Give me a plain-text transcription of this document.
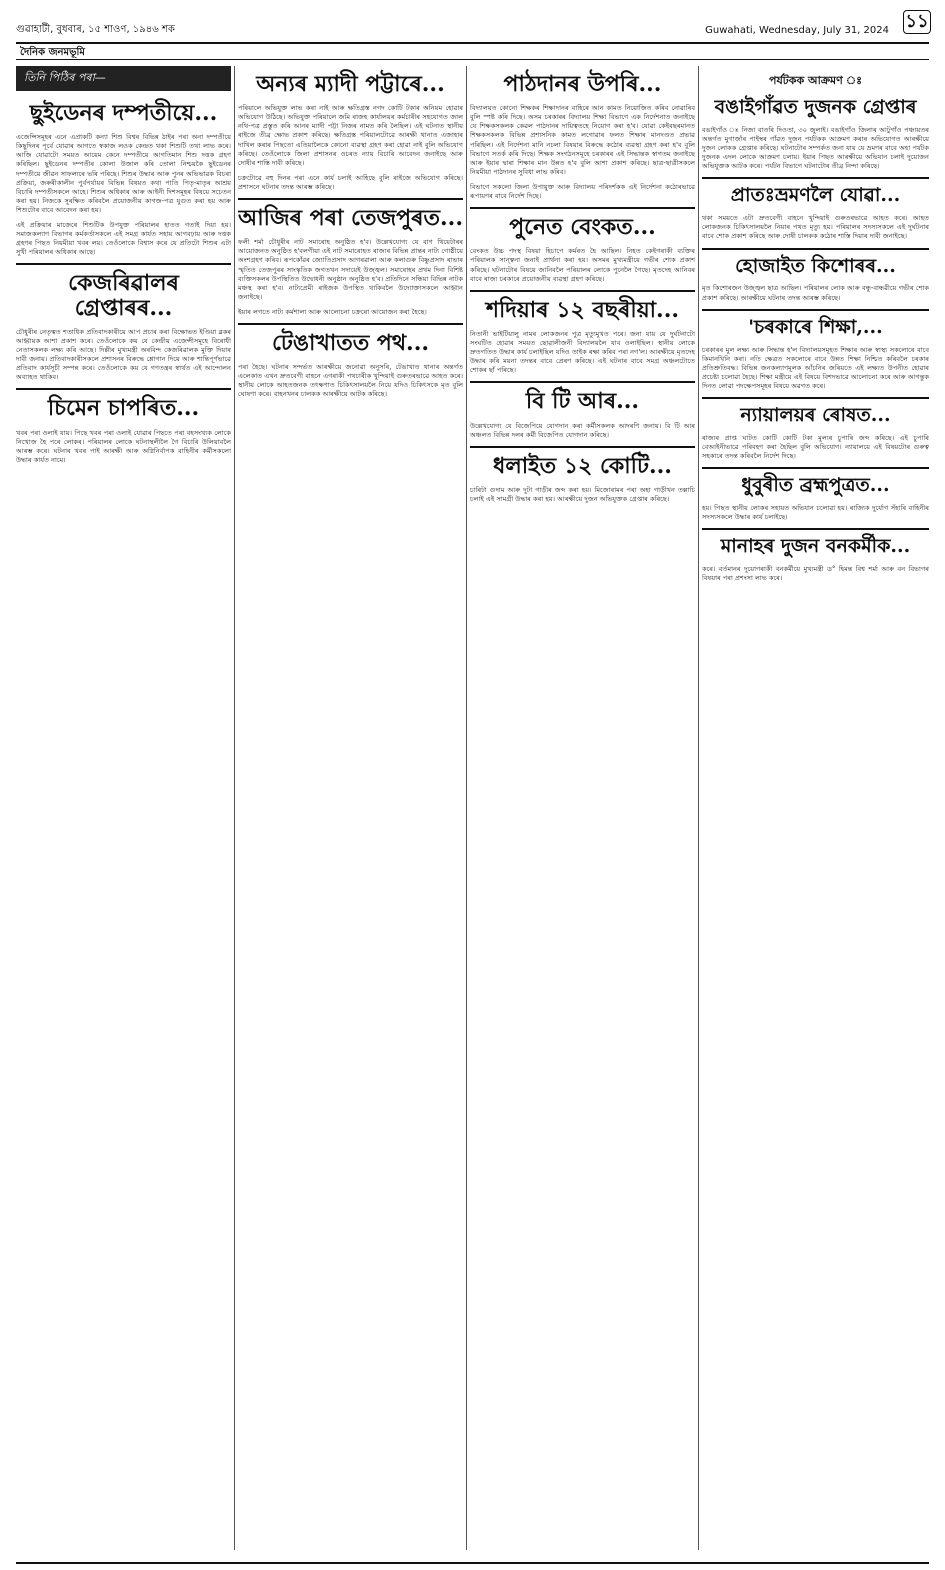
গুৱাহাটী, বুধবাৰ, ১৫ শাওণ, ১৯৪৬ শক	Guwahati, Wednesday, July 31, 2024 ১১
দৈনিক জনমভূমি
তিনি পিঠিৰ পৰা—
ছুইডেনৰ দম্পতীয়ে...
এজেন্সিসমূহৰ এনে এপ্ৰাকটি কন্যা শিশু বিশ্বৰ বিভিন্ন ঠাইৰ পৰা অনা দম্পতীয়ে কিছুদিনৰ পূৰ্বে যোৱাৰ আগতে স্বকাজ লওক কেন্দ্ৰত থকা শিশুটি তথা লাভ কৰে। আজি যোৱাটো সময়ত আয়েম কেনে দম্পতীয়ে আগতিমান শিশু দত্তক গ্ৰহণ কৰিছিল। ছুইডেনৰ দম্পতীৰ কোলা উজাল কৰি তোলা নিশ্চয়কৈ ছুইডেনৰ দম্পতীয়ে জীৱন সাফল্যৰে ভৰি পৰিছে। শিশুৰ উদ্ধাৰ আৰু পুনৰ অভিভাৱক বিচৰা প্ৰক্ৰিয়া, জৰুৰীকালীন পুৰ্বপৰ্যায়ৰ বিভিন্ন বিষয়ত কথা পাতি পিতৃ-মাতৃৰ আশ্ৰয় বিচাৰি দম্পতীসকলে আহে। শিশুৰ অধিকাৰ আৰু আইনী দিশসমূহৰ বিষয়ে সচেতন কৰা হয়। নিজকে সুৰক্ষিত কৰিবলৈ প্ৰয়োজনীয় কাগজ-পত্ৰ যুগুত কৰা হয় আৰু শিশুটোৰ বাবে আবেদন কৰা হয়।
এই প্ৰক্ৰিয়াৰ মাজেৰে শিশুটিক উপযুক্ত পৰিয়ালৰ হাতত গতাই দিয়া হয়। সমাজকল্যাণ বিভাগৰ কৰ্মকৰ্তাসকলে এই সমগ্ৰ কাৰ্যত সহায় আগবঢ়ায় আৰু দত্তক গ্ৰহণৰ পিছত নিয়মীয়া খবৰ লয়। তেওঁলোকে বিশ্বাস কৰে যে প্ৰতিটো শিশুৰ এটা সুখী পৰিয়ালৰ অধিকাৰ আছে।
কেজৰিৱালৰ গ্ৰেপ্তাৰৰ...
চৌধুৰীৰ নেতৃত্বত শতাধিক প্ৰতিবাদকাৰীয়ে আপ প্ৰচাৰ কৰা বিক্ষোভত ইণ্ডিয়া ব্লকৰ আহ্বায়ক আশা প্ৰকাশ কৰে। তেওঁলোকে কয় যে কেন্দ্ৰীয় এজেন্সীসমূহে বিৰোধী নেতাসকলক লক্ষ্য কৰি আছে। দিল্লীৰ মুখ্যমন্ত্ৰী অৰবিন্দ কেজৰিৱালক মুক্তি দিয়াৰ দাবী জনায়। প্ৰতিবাদকাৰীসকলে প্ৰশাসনৰ বিৰুদ্ধে শ্লোগান দিয়ে আৰু শান্তিপূৰ্ণভাৱে প্ৰতিবাদ কাৰ্যসূচী সম্পন্ন কৰে। তেওঁলোকে কয় যে গণতন্ত্ৰৰ স্বাৰ্থত এই আন্দোলন অব্যাহত থাকিব।
চিমেন চাপৰিত...
খবৰ পৰা ওলাই যায়। পিছে খবৰ পৰা ওলাই যোৱাৰ পিছতে পৰা বহসংখ্যক লোকে নিখোজ হৈ পৰে লোকৰ। পৰিয়ালৰ লোকে ঘটনাস্থলীলৈ গৈ বিচাৰি উলিয়াবলৈ আৰম্ভ কৰে। ঘটনাৰ খবৰ পাই আৰক্ষী আৰু অগ্নিনিৰ্বাপক বাহিনীৰ কৰ্মীসকলো উদ্ধাৰ কাৰ্যত নামে।
অন্যৰ ম্যাদী পট্টাৰে...
পৰিয়ালে অভিযুক্ত লাভ কৰা নাই আৰু ক্ষতিগ্ৰস্ত নগদ কোটি টকাৰ অনিয়ম হোৱাৰ অভিযোগ উঠিছে। অভিযুক্ত পৰিয়ালে জমি ৰাজহ কাৰ্যালয়ৰ কৰ্মচাৰীৰ সহযোগত জাল নথি-পত্ৰ প্ৰস্তুত কৰি আনৰ ম্যাদী পট্টা নিজৰ নামত কৰি লৈছিল। এই ঘটনাত স্থানীয় ৰাইজে তীব্ৰ ক্ষোভ প্ৰকাশ কৰিছে। ক্ষতিগ্ৰস্ত পৰিয়ালটোৱে আৰক্ষী থানাত এজাহাৰ দাখিল কৰাৰ পিছতো এতিয়ালৈকে কোনো ব্যৱস্থা গ্ৰহণ কৰা হোৱা নাই বুলি অভিযোগ কৰিছে। তেওঁলোকে জিলা প্ৰশাসনৰ ওচৰত ন্যায় বিচাৰি আবেদন জনাইছে আৰু দোষীৰ শাস্তি দাবী কৰিছে।
চক্ৰটোৱে বহু দিনৰ পৰা এনে কাৰ্য চলাই আহিছে বুলি ৰাইজে অভিযোগ কৰিছে। প্ৰশাসনে ঘটনাৰ তদন্ত আৰম্ভ কৰিছে।
আজিৰ পৰা তেজপুৰত...
ফলী শৰ্মা চৌধুৰীৰ নাট সমাৰোহ অনুষ্ঠিত হ'ব। উল্লেখযোগ্য যে বাণ থিয়েটাৰৰ আয়োজনত অনুষ্ঠিত হ'বলগীয়া এই নাট সমাৰোহত ৰাজ্যৰ বিভিন্ন প্ৰান্তৰ নাট্য গোষ্ঠীয়ে অংশগ্ৰহণ কৰিব। ৰূপকোঁৱৰ জ্যোতিপ্ৰসাদ আগৰৱালা আৰু কলাগুৰু বিষ্ণুপ্ৰসাদ ৰাভাৰ স্মৃতিত তেজপুৰৰ সাংস্কৃতিক জগতখন সদায়েই উজ্জ্বল। সমাৰোহৰ প্ৰথম দিনা বিশিষ্ট ব্যক্তিসকলৰ উপস্থিতিত উদ্বোধনী অনুষ্ঠান অনুষ্ঠিত হ'ব। প্ৰতিদিনে সন্ধিয়া বিভিন্ন নাটক মঞ্চস্থ কৰা হ'ব। নাট্যপ্ৰেমী ৰাইজক উপস্থিত থাকিবলৈ উদ্যোক্তাসকলে আহ্বান জনাইছে।
ইয়াৰ লগতে নাট্য কৰ্মশালা আৰু আলোচনা চক্ৰৰো আয়োজন কৰা হৈছে।
টেঙাখাতত পথ...
পৰা হৈছে। ঘটনাৰ সন্দৰ্ভত আৰক্ষীয়ে জনোৱা অনুসৰি, টেঙাখাত থানাৰ অন্তৰ্গত এলেকাত এখন দ্ৰুতবেগী বাহনে এগৰাকী পথচাৰীক খুন্দিয়াই গুৰুতৰভাৱে আহত কৰে। স্থানীয় লোকে আহতজনক তৎক্ষণাত চিকিৎসালয়লৈ নিয়ে যদিও চিকিৎসকে মৃত বুলি ঘোষণা কৰে। বাহনখনৰ চালকক আৰক্ষীয়ে আটক কৰিছে।
পাঠদানৰ উপৰি...
বিদ্যালয়ত কোনো শিক্ষকৰ শিক্ষাদানৰ বাহিৰে আন কামত নিয়োজিত কৰিব নোৱাৰিব বুলি স্পষ্ট কৰি দিছে। অসম চৰকাৰৰ বিদ্যালয় শিক্ষা বিভাগে এক নিৰ্দেশনাত জনাইছে যে শিক্ষকসকলক কেৱল পাঠদানৰ দায়িত্বতহে নিয়োগ কৰা হ'ব। যোৱা কেইবছৰমানত শিক্ষকসকলক বিভিন্ন প্ৰশাসনিক কামত লগোৱাৰ ফলত শিক্ষাৰ মানদণ্ডত প্ৰভাৱ পৰিছিল। এই নিৰ্দেশনা মানি নচলা বিষয়াৰ বিৰুদ্ধে কঠোৰ ব্যৱস্থা গ্ৰহণ কৰা হ'ব বুলি বিভাগে সতৰ্ক কৰি দিছে। শিক্ষক সংগঠনসমূহে চৰকাৰৰ এই সিদ্ধান্তক স্বাগতম জনাইছে আৰু ইয়াৰ দ্বাৰা শিক্ষাৰ মান উন্নত হ'ব বুলি আশা প্ৰকাশ কৰিছে। ছাত্ৰ-ছাত্ৰীসকলে নিয়মীয়া পাঠদানৰ সুবিধা লাভ কৰিব।
বিভাগে সকলো জিলা উপায়ুক্ত আৰু বিদ্যালয় পৰিদৰ্শকক এই নিৰ্দেশনা কঠোৰভাৱে ৰূপায়ণৰ বাবে নিৰ্দেশ দিছে।
পুনেত বেংকত...
বেংকত উচ্চ পদস্থ বিষয়া হিচাপে কৰ্মৰত হৈ আছিল। নিহত কেইগৰাকী ব্যক্তিৰ পৰিয়ালক সান্ত্বনা জনাই প্ৰাৰ্থনা কৰা হয়। অসমৰ মুখ্যমন্ত্ৰীয়ে গভীৰ শোক প্ৰকাশ কৰিছে। ঘটনাটোৰ বিষয়ে জানিবলৈ পৰিয়ালৰ লোকে পুনেলৈ গৈছে। মৃতদেহ আনিবৰ বাবে ৰাজ্য চৰকাৰে প্ৰয়োজনীয় ব্যৱস্থা গ্ৰহণ কৰিছে।
শদিয়াৰ ১২ বছৰীয়া...
নিতানী ভাইটিয়ালু নামৰ লোকজনৰ পুত্ৰ মৃত্যুমুখত পৰে। জনা যায় যে দুৰ্ঘটনাটো সংঘটিত হোৱাৰ সময়ত ছোৱালীজনী বিদ্যালয়লৈ যাব ওলাইছিল। স্থানীয় লোকে দ্ৰুতগতিত উদ্ধাৰ কাৰ্য চলাইছিল যদিও তাইক ৰক্ষা কৰিব পৰা নগ'ল। আৰক্ষীয়ে মৃতদেহ উদ্ধাৰ কৰি ময়না তদন্তৰ বাবে প্ৰেৰণ কৰিছে। এই ঘটনাৰ বাবে সমগ্ৰ অঞ্চলটোতে শোকৰ ছাঁ পৰিছে।
বি টি আৰ...
উল্লেখযোগ্য যে বিজেপিয়ে যোগদান কৰা কৰ্মীসকলক আদৰণি জনায়। বি টি আৰ অঞ্চলত বিভিন্ন দলৰ কৰ্মী বিজেপিত যোগদান কৰিছে।
ধলাইত ১২ কোটি...
চাৰিটা গুদাম আৰু দুটা গাড়ীৰ জব্দ কৰা হয়। মিজোৰামৰ পৰা অহা গাড়ীখন তল্লাচি চলাই এই সামগ্ৰী উদ্ধাৰ কৰা হয়। আৰক্ষীয়ে দুজন অভিযুক্তক গ্ৰেপ্তাৰ কৰিছে।
পৰ্যটকক আক্ৰমণ ঃ
বঙাইগাঁৱত দুজনক গ্ৰেপ্তাৰ
বঙাইগাঁও ঃ নিজা বাতৰি দিওতা, ৩০ জুলাই। বঙাইগাঁও জিলাৰ আটুগাঁও পঞ্চায়তৰ অন্তৰ্গত মুগাৰ্জাৰ পাইম্বৰ গাঁৱত দুজন পৰ্যটকক আক্ৰমণ কৰাৰ অভিযোগত আৰক্ষীয়ে দুজন লোকক গ্ৰেপ্তাৰ কৰিছে। ঘটনাটোৰ সম্পৰ্কত জনা যায় যে ভ্ৰমণৰ বাবে অহা পৰ্যটক দুজনক এদল লোকে আক্ৰমণ চলায়। ইয়াৰ পিছত আৰক্ষীয়ে অভিযান চলাই দুয়োজন অভিযুক্তক আটক কৰে। পৰ্যটন বিভাগে ঘটনাটোৰ তীব্ৰ নিন্দা কৰিছে।
প্ৰাতঃভ্ৰমণলৈ যোৱা...
থকা সময়তে এটা দ্ৰুতবেগী বাহনে খুন্দিয়াই গুৰুতৰভাৱে আহত কৰে। আহত লোকজনক চিকিৎসালয়লৈ নিয়াৰ পথত মৃত্যু হয়। পৰিয়ালৰ সদস্যসকলে এই দুৰ্ঘটনাৰ বাবে শোক প্ৰকাশ কৰিছে আৰু দোষী চালকক কঠোৰ শাস্তি দিয়াৰ দাবী জনাইছে।
হোজাইত কিশোৰৰ...
মৃত কিশোৰজন উজ্জ্বল ছাত্ৰ আছিল। পৰিয়ালৰ লোক আৰু বন্ধু-বান্ধৱীয়ে গভীৰ শোক প্ৰকাশ কৰিছে। আৰক্ষীয়ে ঘটনাৰ তদন্ত আৰম্ভ কৰিছে।
'চৰকাৰে শিক্ষা,...
চৰকাৰৰ মুল লক্ষ্য আৰু সিদ্ধান্ত হ'ল বিদ্যালয়সমূহত শিক্ষাৰ আৰু স্বাস্থ্য সকলোৰে বাবে কিমানখিনি কৰা। নতি ক্ষেত্ৰত সকলোৰে বাবে উন্নত শিক্ষা নিশ্চিত কৰিবলৈ চৰকাৰ প্ৰতিশ্ৰুতিবদ্ধ। বিভিন্ন জনকল্যাণমূলক আঁচনিৰ জৰিয়তে এই লক্ষ্যত উপনীত হোৱাৰ প্ৰচেষ্টা চলোৱা হৈছে। শিক্ষা মন্ত্ৰীয়ে এই বিষয়ে বিশদভাৱে আলোচনা কৰে আৰু আগন্তুক দিনত লোৱা পদক্ষেপসমূহৰ বিষয়ে অৱগত কৰে।
ন্যায়ালয়ৰ ৰোষত...
ৰাজ্যৰ প্ৰাপ্ত ঘাটত কোটি কোটি টকা মুল্যৰ চুপাৰি জব্দ কৰিছে। এই চুপাৰি বেআইনীভাৱে পৰিবহণ কৰা হৈছিল বুলি অভিযোগ। ন্যায়ালয়ে এই বিষয়টোৰ গুৰুত্ব সহকাৰে তদন্ত কৰিবলৈ নিৰ্দেশ দিছে।
ধুবুৰীত ব্ৰহ্মপুত্ৰত...
হয়। পিছত স্থানীয় লোকৰ সহায়ত অভিযান চলোৱা হয়। ৰাজ্যিক দুৰ্যোগ সঁহাৰি বাহিনীৰ সদস্যসকলে উদ্ধাৰ কাৰ্য চলাইছে।
মানাহৰ দুজন বনকৰ্মীক...
কৰে। বৰ্তমানৰ দুয়োগৰাকী বনকৰ্মীয়ে মুখ্যমন্ত্ৰী ড° হিমন্ত বিশ্ব শৰ্মা আৰু বন বিভাগৰ বিষয়াৰ পৰা প্ৰশংসা লাভ কৰে।
